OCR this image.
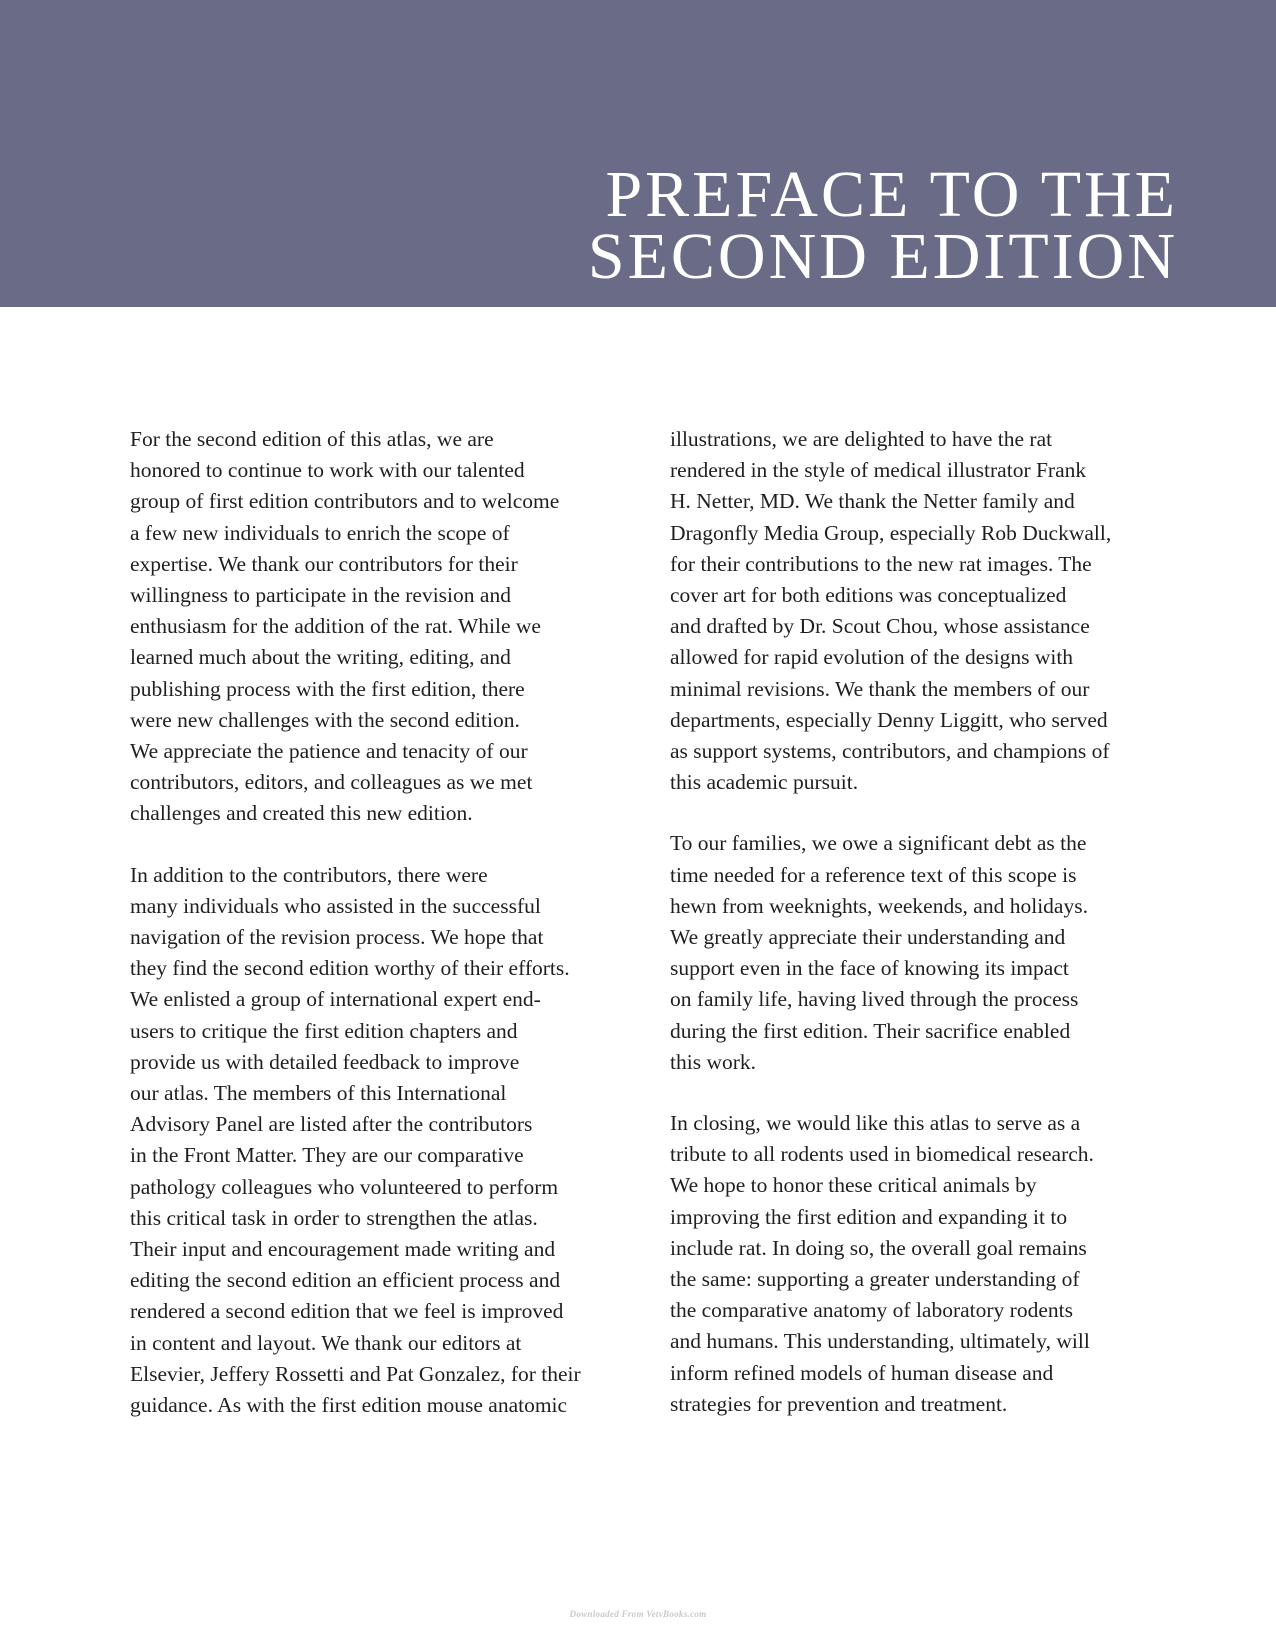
PREFACE TO THE
SECOND EDITION
For the second edition of this atlas, we are
honored to continue to work with our talented
group of first edition contributors and to welcome
a few new individuals to enrich the scope of
expertise. We thank our contributors for their
willingness to participate in the revision and
enthusiasm for the addition of the rat. While we
learned much about the writing, editing, and
publishing process with the first edition, there
were new challenges with the second edition.
We appreciate the patience and tenacity of our
contributors, editors, and colleagues as we met
challenges and created this new edition.
In addition to the contributors, there were
many individuals who assisted in the successful
navigation of the revision process. We hope that
they find the second edition worthy of their efforts.
We enlisted a group of international expert end-
users to critique the first edition chapters and
provide us with detailed feedback to improve
our atlas. The members of this International
Advisory Panel are listed after the contributors
in the Front Matter. They are our comparative
pathology colleagues who volunteered to perform
this critical task in order to strengthen the atlas.
Their input and encouragement made writing and
editing the second edition an efficient process and
rendered a second edition that we feel is improved
in content and layout. We thank our editors at
Elsevier, Jeffery Rossetti and Pat Gonzalez, for their
guidance. As with the first edition mouse anatomic
illustrations, we are delighted to have the rat
rendered in the style of medical illustrator Frank
H. Netter, MD. We thank the Netter family and
Dragonfly Media Group, especially Rob Duckwall,
for their contributions to the new rat images. The
cover art for both editions was conceptualized
and drafted by Dr. Scout Chou, whose assistance
allowed for rapid evolution of the designs with
minimal revisions. We thank the members of our
departments, especially Denny Liggitt, who served
as support systems, contributors, and champions of
this academic pursuit.
To our families, we owe a significant debt as the
time needed for a reference text of this scope is
hewn from weeknights, weekends, and holidays.
We greatly appreciate their understanding and
support even in the face of knowing its impact
on family life, having lived through the process
during the first edition. Their sacrifice enabled
this work.
In closing, we would like this atlas to serve as a
tribute to all rodents used in biomedical research.
We hope to honor these critical animals by
improving the first edition and expanding it to
include rat. In doing so, the overall goal remains
the same: supporting a greater understanding of
the comparative anatomy of laboratory rodents
and humans. This understanding, ultimately, will
inform refined models of human disease and
strategies for prevention and treatment.
Downloaded From VetvBooks.com
